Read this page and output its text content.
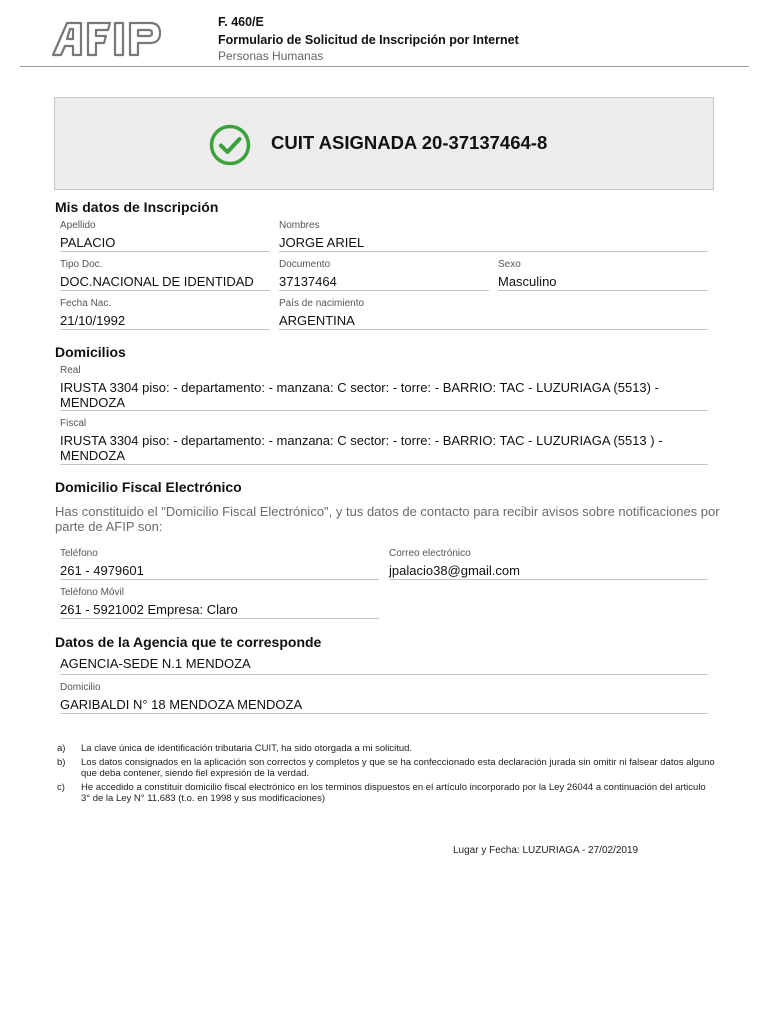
F. 460/E
Formulario de Solicitud de Inscripción por Internet
Personas Humanas
CUIT ASIGNADA 20-37137464-8
Mis datos de Inscripción
Apellido
PALACIO
Nombres
JORGE ARIEL
Tipo Doc.
DOC.NACIONAL DE IDENTIDAD
Documento
37137464
Sexo
Masculino
Fecha Nac.
21/10/1992
País de nacimiento
ARGENTINA
Domicilios
Real
IRUSTA 3304 piso: - departamento: - manzana: C sector: - torre: - BARRIO: TAC - LUZURIAGA (5513) - MENDOZA
Fiscal
IRUSTA 3304 piso: - departamento: - manzana: C sector: - torre: - BARRIO: TAC - LUZURIAGA (5513 ) - MENDOZA
Domicilio Fiscal Electrónico
Has constituido el "Domicilio Fiscal Electrónico", y tus datos de contacto para recibir avisos sobre notificaciones por parte de AFIP son:
Teléfono
261 - 4979601
Correo electrónico
jpalacio38@gmail.com
Teléfono Móvil
261 - 5921002 Empresa: Claro
Datos de la Agencia que te corresponde
AGENCIA-SEDE N.1 MENDOZA
Domicilio
GARIBALDI N° 18 MENDOZA MENDOZA
a) La clave única de identificación tributaria CUIT, ha sido otorgada a mi solicitud.
b) Los datos consignados en la aplicación son correctos y completos y que se ha confeccionado esta declaración jurada sin omitir ni falsear datos alguno que deba contener, siendo fiel expresión de la verdad.
c) He accedido a constituir domicilio fiscal electrónico en los terminos dispuestos en el artículo incorporado por la Ley 26044 a continuación del articulo 3° de la Ley N° 11.683 (t.o. en 1998 y sus modificaciones)
Lugar y Fecha: LUZURIAGA - 27/02/2019
